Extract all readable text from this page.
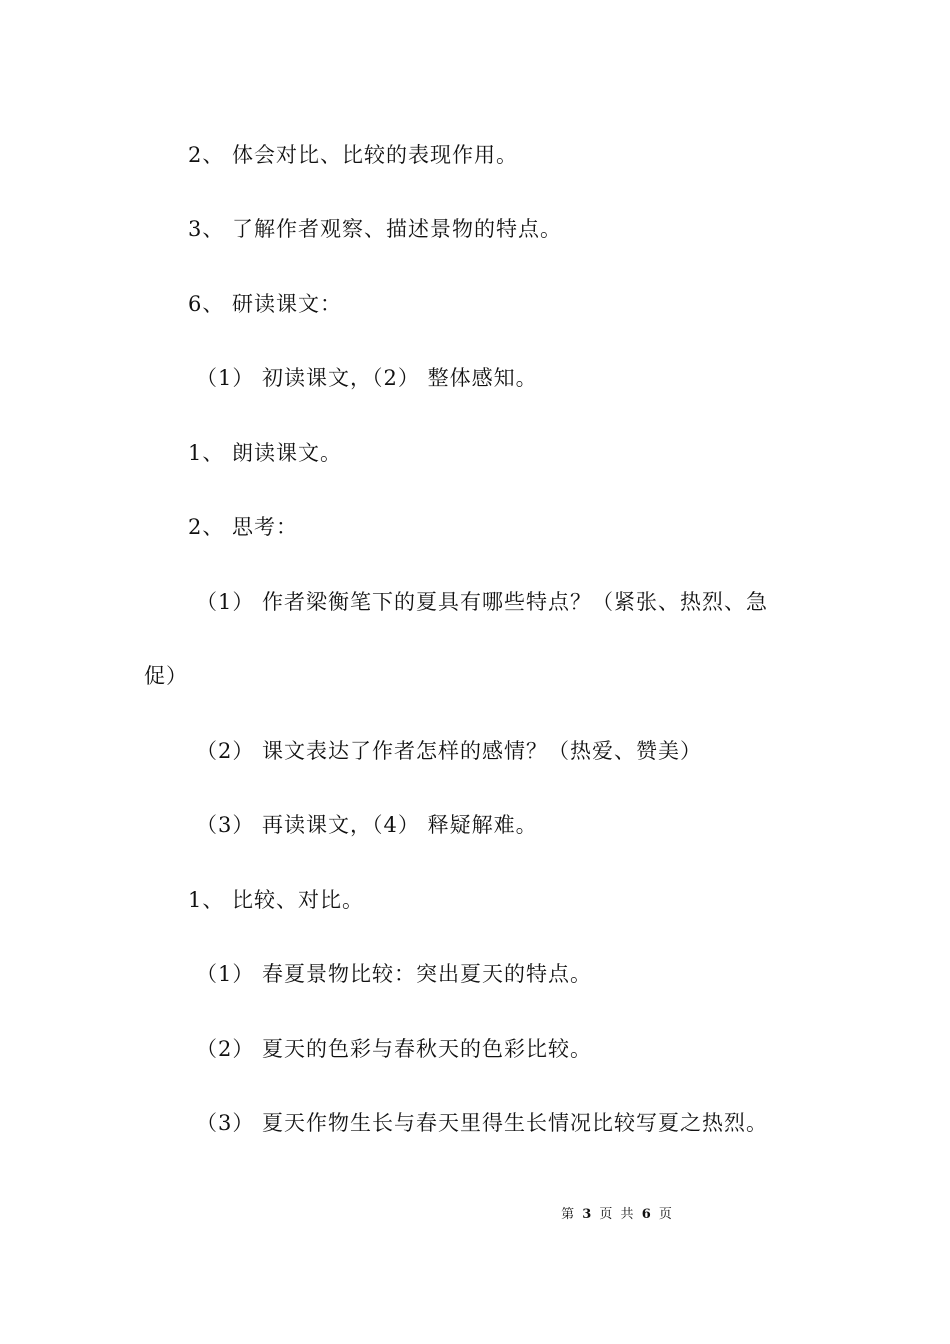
2、 体会对比、比较的表现作用。
3、 了解作者观察、描述景物的特点。
6、 研读课文：
（1） 初读课文，（2） 整体感知。
1、 朗读课文。
2、 思考：
（1） 作者梁衡笔下的夏具有哪些特点？（紧张、热烈、急
促）
（2） 课文表达了作者怎样的感情？（热爱、赞美）
（3） 再读课文，（4） 释疑解难。
1、 比较、对比。
（1） 春夏景物比较：突出夏天的特点。
（2） 夏天的色彩与春秋天的色彩比较。
（3） 夏天作物生长与春天里得生长情况比较写夏之热烈。
第 3 页 共 6 页
